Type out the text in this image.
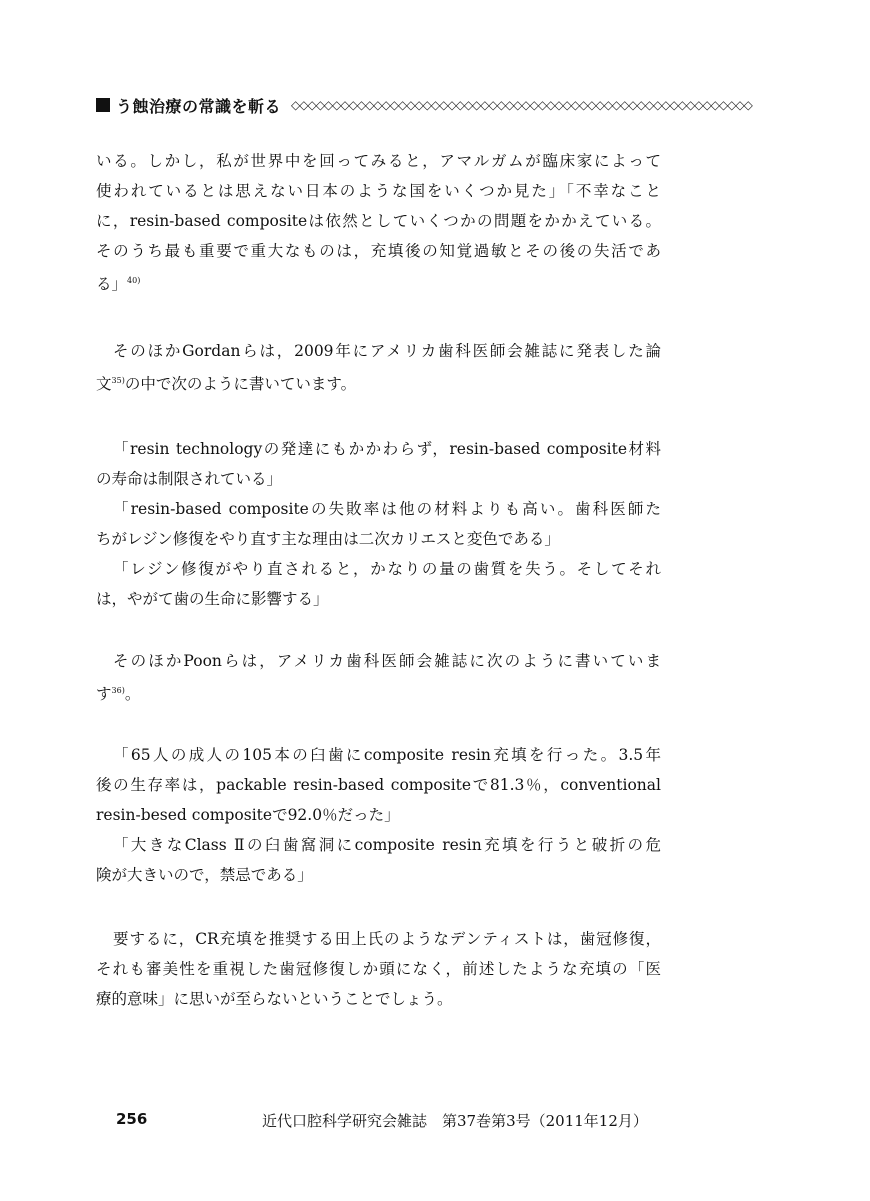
う蝕治療の常識を斬る ◇◇◇◇◇◇◇◇◇◇◇◇◇◇◇◇◇◇◇◇◇◇◇◇◇◇◇◇◇◇◇◇◇◇◇◇◇◇◇◇◇◇◇◇◇◇◇◇◇◇◇◇◇◇◇◇
いる。しかし，私が世界中を回ってみると，アマルガムが臨床家によって
使われているとは思えない日本のような国をいくつか見た」「不幸なこと
に，resin-based compositeは依然としていくつかの問題をかかえている。
そのうち最も重要で重大なものは，充填後の知覚過敏とその後の失活であ
る」$^{40)}$
そのほかGordanらは，2009年にアメリカ歯科医師会雑誌に発表した論
文$^{35)}$の中で次のように書いています。
「resin technologyの発達にもかかわらず，resin-based composite材料
の寿命は制限されている」
「resin-based compositeの失敗率は他の材料よりも高い。歯科医師た
ちがレジン修復をやり直す主な理由は二次カリエスと変色である」
「レジン修復がやり直されると，かなりの量の歯質を失う。そしてそれ
は，やがて歯の生命に影響する」
そのほかPoonらは，アメリカ歯科医師会雑誌に次のように書いていま
す$^{36)}$。
「65人の成人の105本の臼歯にcomposite resin充填を行った。3.5年
後の生存率は，packable resin-based compositeで81.3％，conventional
resin-besed compositeで92.0％だった」
「大きなClass Ⅱの臼歯窩洞にcomposite resin充填を行うと破折の危
険が大きいので，禁忌である」
要するに，CR充填を推奨する田上氏のようなデンティストは，歯冠修復，
それも審美性を重視した歯冠修復しか頭になく，前述したような充填の「医
療的意味」に思いが至らないということでしょう。
256	近代口腔科学研究会雑誌　第37巻第3号（2011年12月）
